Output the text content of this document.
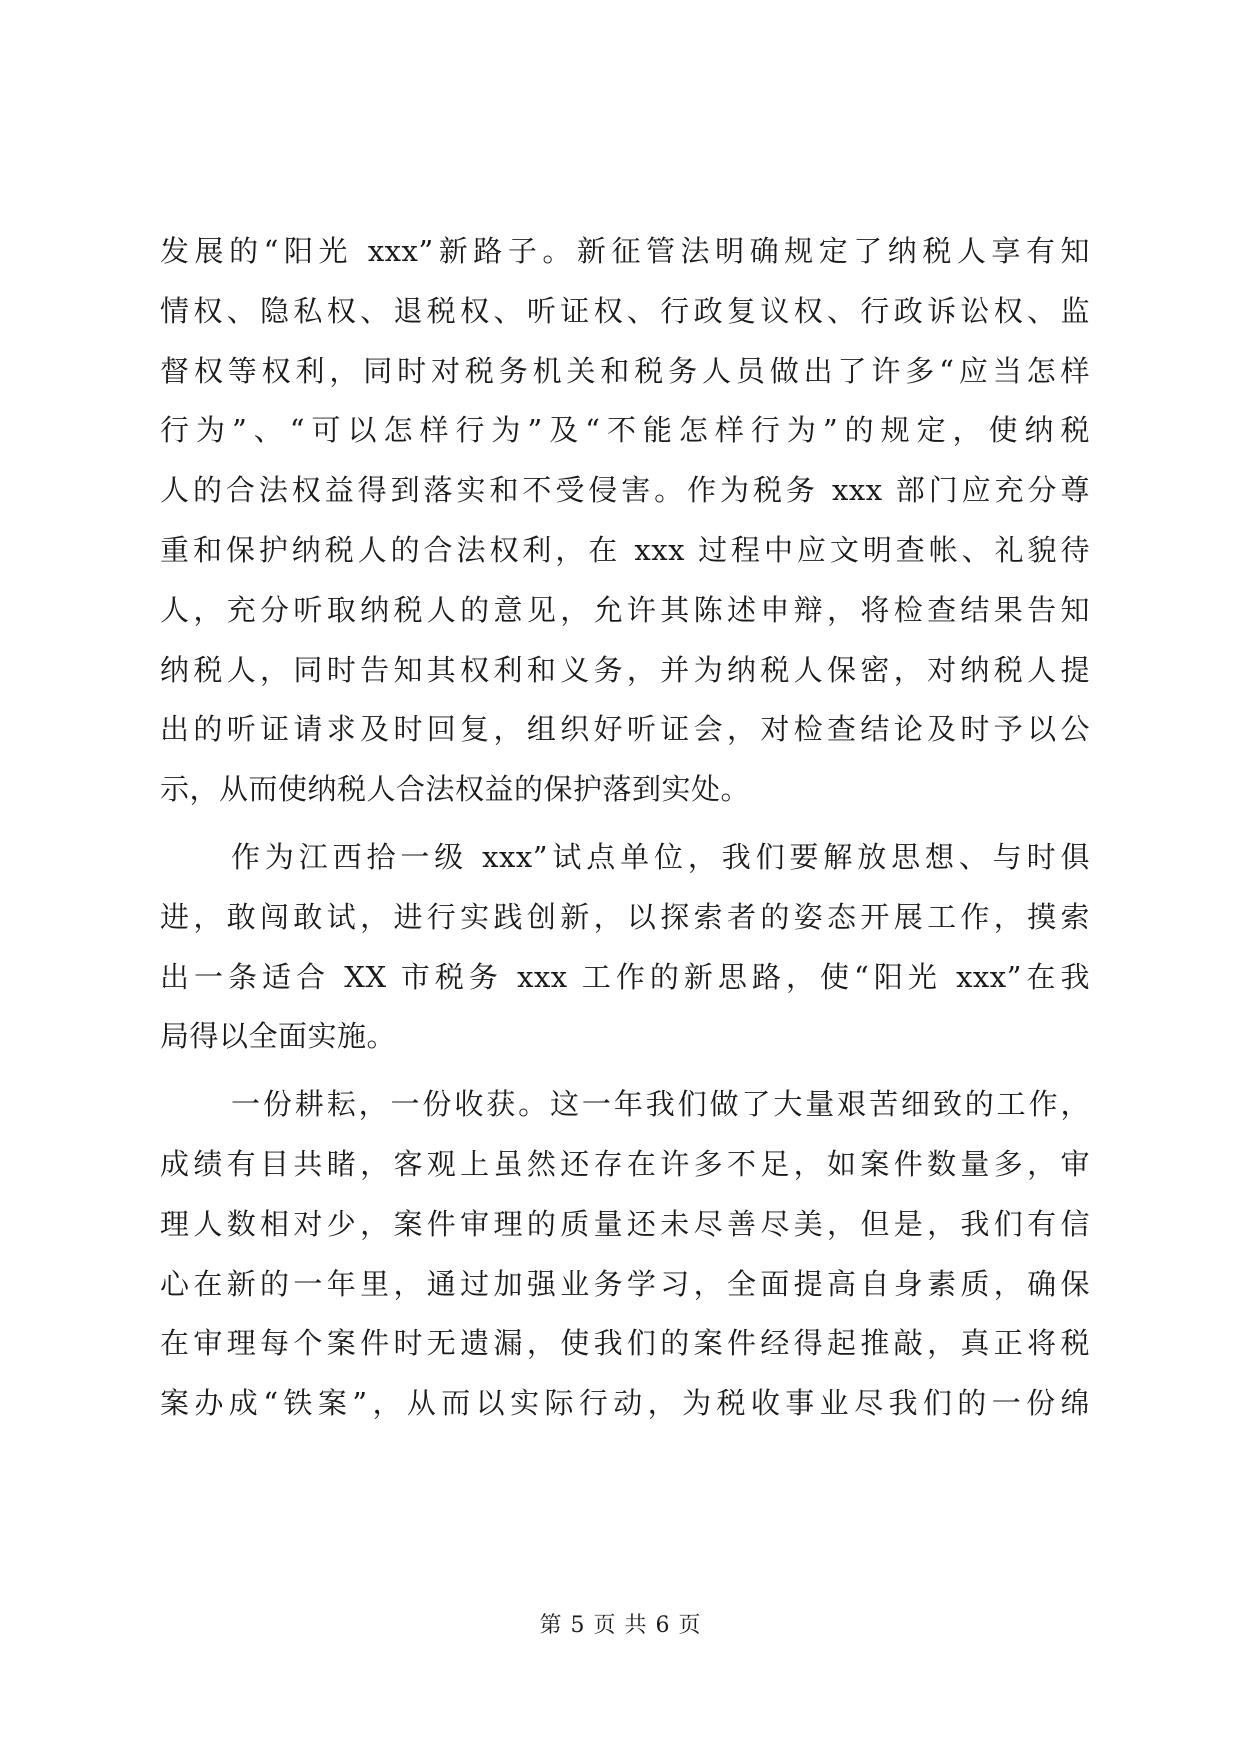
发展的“阳光 xxx”新路子。新征管法明确规定了纳税人享有知
情权、隐私权、退税权、听证权、行政复议权、行政诉讼权、监
督权等权利，同时对税务机关和税务人员做出了许多“应当怎样
行为”、“可以怎样行为”及“不能怎样行为”的规定，使纳税
人的合法权益得到落实和不受侵害。作为税务 xxx 部门应充分尊
重和保护纳税人的合法权利，在 xxx 过程中应文明查帐、礼貌待
人，充分听取纳税人的意见，允许其陈述申辩，将检查结果告知
纳税人，同时告知其权利和义务，并为纳税人保密，对纳税人提
出的听证请求及时回复，组织好听证会，对检查结论及时予以公
示，从而使纳税人合法权益的保护落到实处。
作为江西拾一级 xxx”试点单位，我们要解放思想、与时俱
进，敢闯敢试，进行实践创新，以探索者的姿态开展工作，摸索
出一条适合 XX 市税务 xxx 工作的新思路，使“阳光 xxx”在我
局得以全面实施。
一份耕耘，一份收获。这一年我们做了大量艰苦细致的工作，
成绩有目共睹，客观上虽然还存在许多不足，如案件数量多，审
理人数相对少，案件审理的质量还未尽善尽美，但是，我们有信
心在新的一年里，通过加强业务学习，全面提高自身素质，确保
在审理每个案件时无遗漏，使我们的案件经得起推敲，真正将税
案办成“铁案”，从而以实际行动，为税收事业尽我们的一份绵
第 5 页 共 6 页
